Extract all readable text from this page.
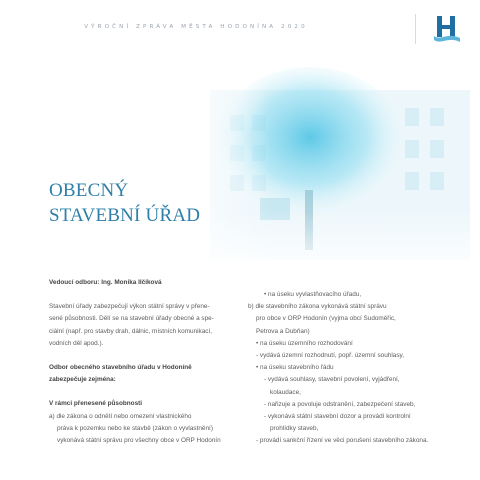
VÝROČNÍ ZPRÁVA MĚSTA HODONÍNA 2020
OBECNÝ
STAVEBNÍ ÚŘAD

Vedoucí odboru: Ing. Monika Ilčíková

Stavební úřady zabezpečují výkon státní správy v přene-

sené působnosti. Dělí se na stavební úřady obecné a spe-

ciální (např. pro stavby drah, dálnic, místních komunikací,

vodních děl apod.).

Odbor obecného stavebního úřadu v Hodoníně

zabezpečuje zejména:

V rámci přenesené působnosti

a) dle zákona o odnětí nebo omezení vlastnického

práva k pozemku nebo ke stavbě (zákon o vyvlastnění)

vykonává státní správu pro všechny obce v ORP Hodonín

• na úseku vyvlastňovacího úřadu,

b) dle stavebního zákona vykonává státní správu

pro obce v ORP Hodonín (vyjma obcí Sudoměřic,

Petrova a Dubňan)

• na úseku územního rozhodování

- vydává územní rozhodnutí, popř. územní souhlasy,

• na úseku stavebního řádu

- vydává souhlasy, stavební povolení, vyjádření,

kolaudace,

- nařizuje a povoluje odstranění, zabezpečení staveb,

- vykonává státní stavební dozor a provádí kontrolní

prohlídky staveb,

- provádí sankční řízení ve věci porušení stavebního zákona.
